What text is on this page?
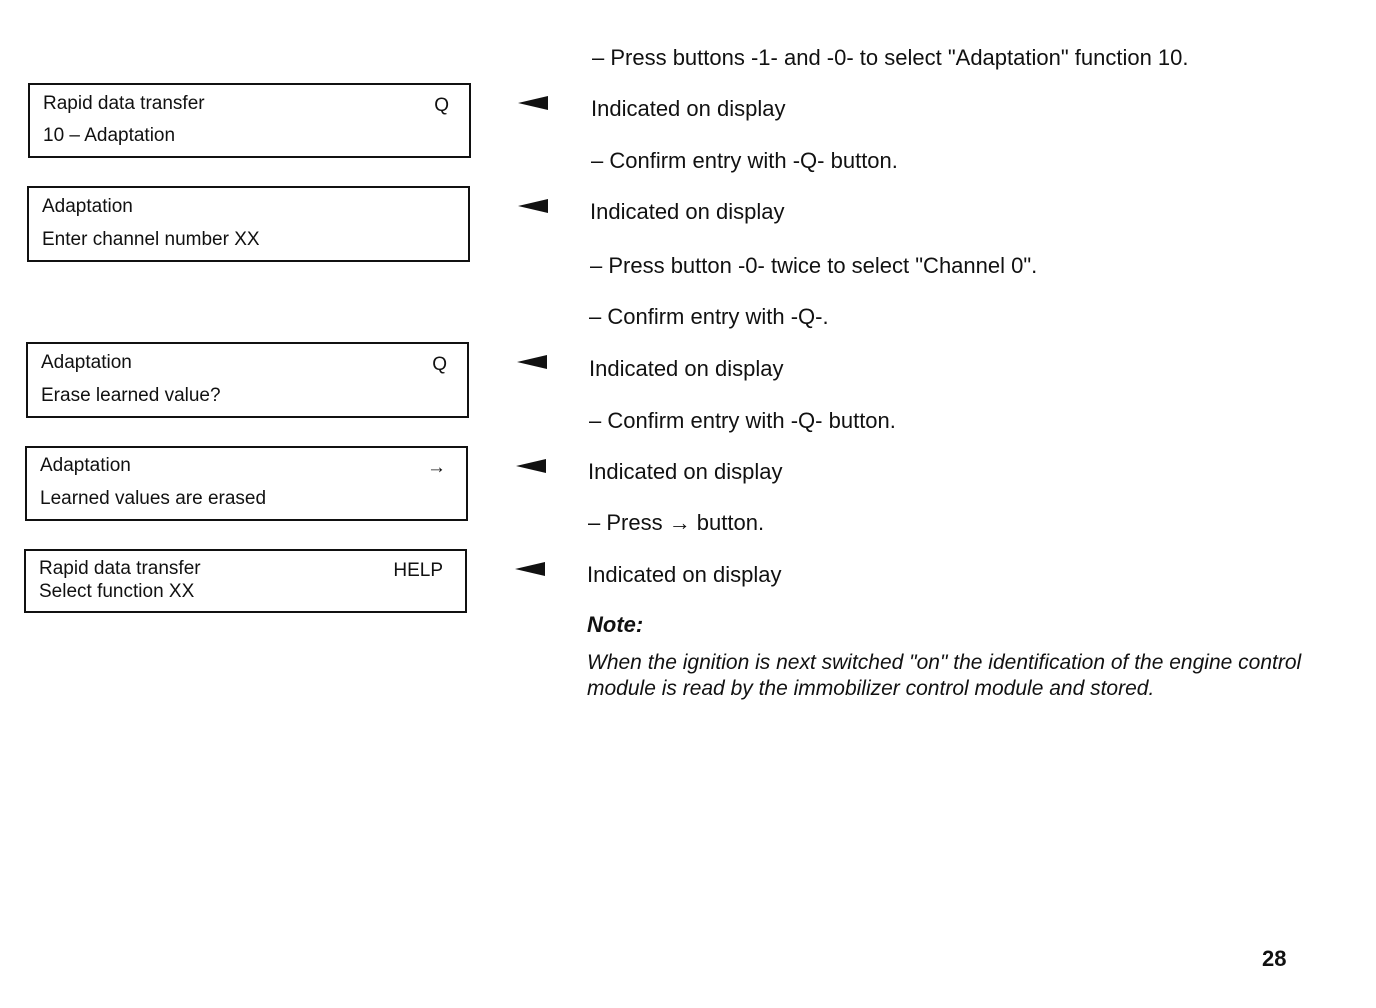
Rapid data transfer
10 – Adaptation
Q
Adaptation
Enter channel number XX
Adaptation
Erase learned value?
Q
Adaptation
Learned values are erased
→
Rapid data transfer
Select function XX
HELP
– Press buttons -1- and -0- to select "Adaptation" function 10.
Indicated on display
– Confirm entry with -Q- button.
Indicated on display
– Press button -0- twice to select "Channel 0".
– Confirm entry with -Q-.
Indicated on display
– Confirm entry with -Q- button.
Indicated on display
– Press → button.
Indicated on display
Note:
When the ignition is next switched "on" the identification of the engine control module is read by the immobilizer control module and stored.
28
